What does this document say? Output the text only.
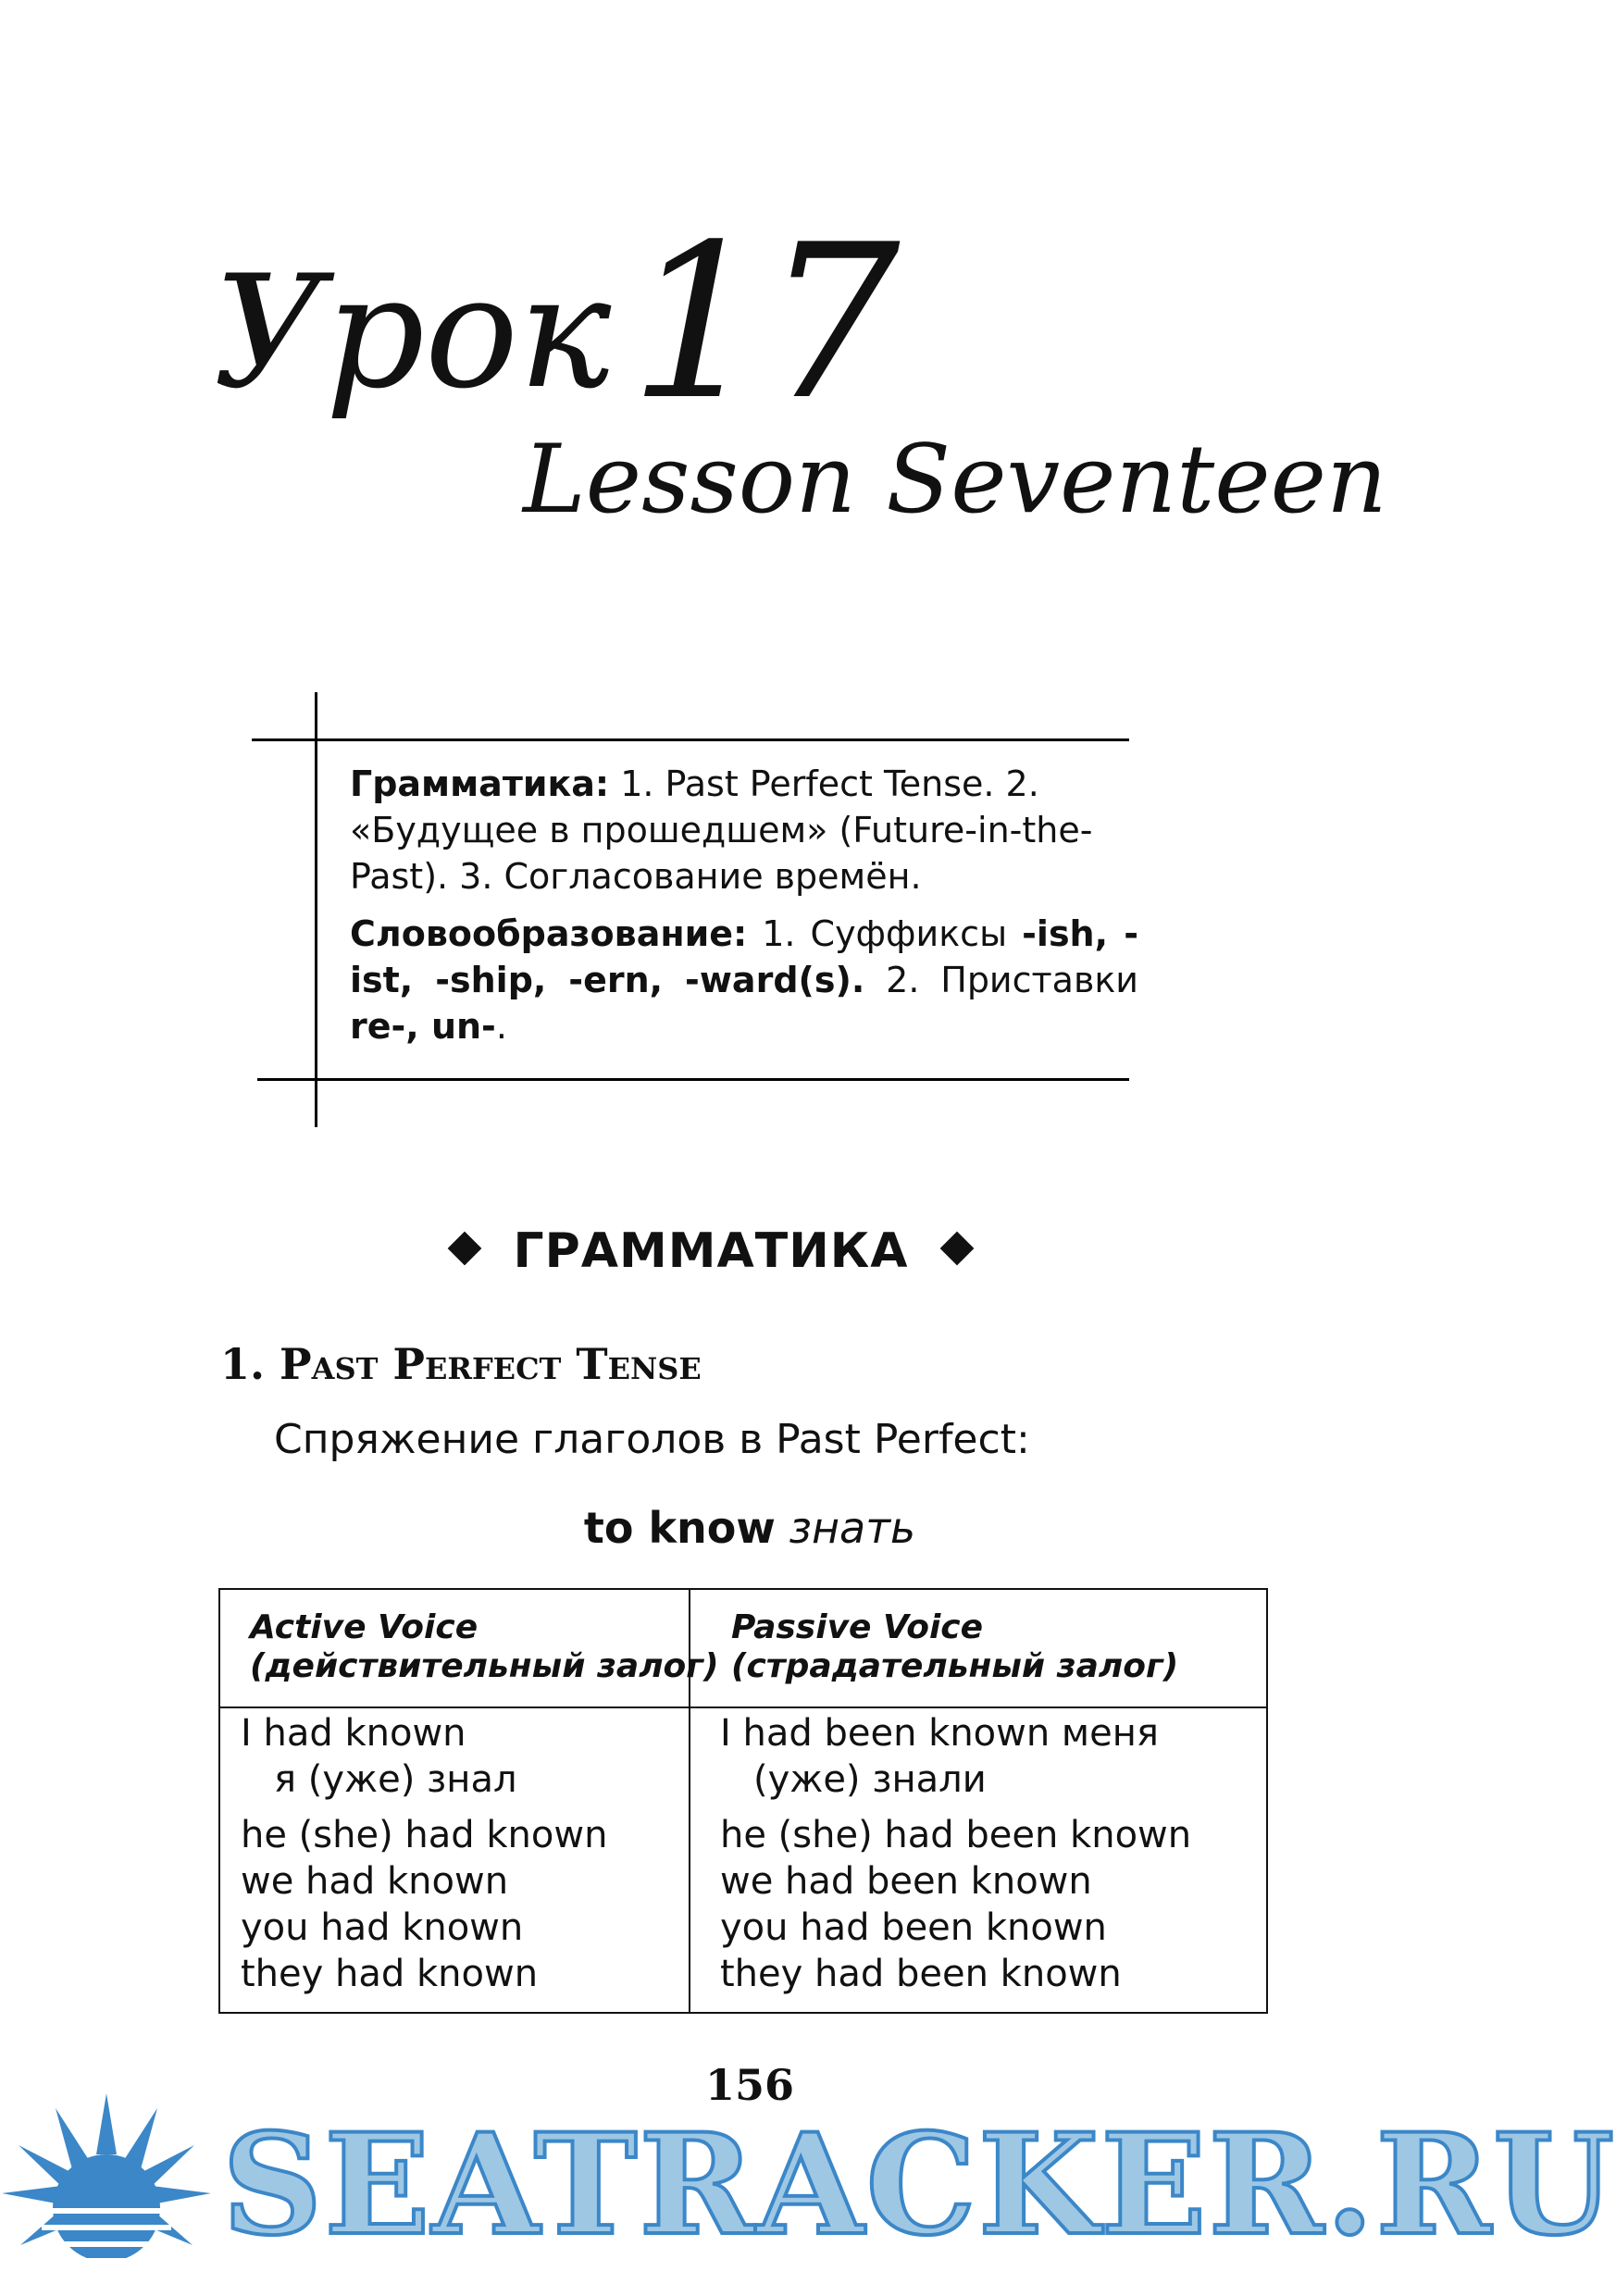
Урок 17
Lesson Seventeen

Грамматика: 1. Past Perfect Tense. 2. «Будущее в прошедшем» (Future-in-the-Past). 3. Согласование времён.

Словообразование: 1. Суффиксы -ish, -ist, -ship, -ern, -ward(s). 2. Приставки re-, un-.

ГРАММАТИКА
1. Past Perfect Tense
Спряжение глаголов в Past Perfect:
to know знать
Active Voice
(действительный залог)
Passive Voice
(страдательный залог)
I had known
я (уже) знал
he (she) had known
we had known
you had known
they had known
I had been known меня
(уже) знали
he (she) had been known
we had been known
you had been known
they had been known
156
SEATRACKER.RU
